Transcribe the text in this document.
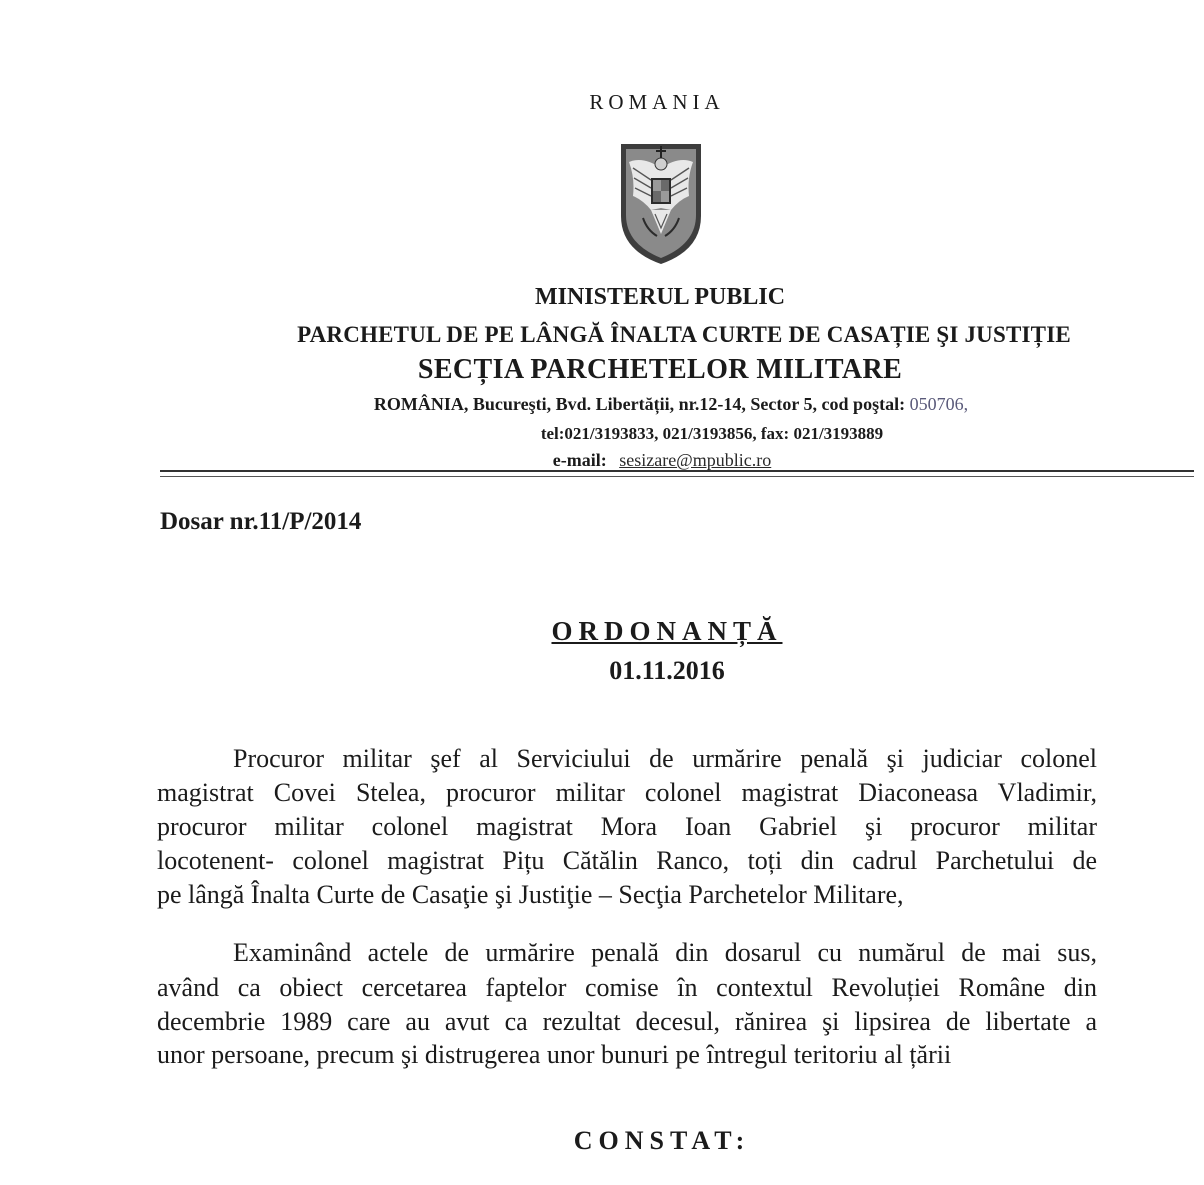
ROMANIA
MINISTERUL PUBLIC
PARCHETUL DE PE LÂNGĂ ÎNALTA CURTE DE CASAȚIE ŞI JUSTIȚIE
SECȚIA PARCHETELOR MILITARE
ROMÂNIA, Bucureşti, Bvd. Libertății, nr.12-14, Sector 5, cod poştal: 050706,
tel:021/3193833, 021/3193856, fax: 021/3193889
e-mail: sesizare@mpublic.ro
Dosar nr.11/P/2014
ORDONANȚĂ
01.11.2016
Procuror militar şef al Serviciului de urmărire penală şi judiciar colonel
magistrat Covei Stelea, procuror militar colonel magistrat Diaconeasa Vladimir,
procuror militar colonel magistrat Mora Ioan Gabriel şi procuror militar
locotenent- colonel magistrat Pițu Cătălin Ranco, toți din cadrul Parchetului de
pe lângă Înalta Curte de Casaţie şi Justiţie – Secţia Parchetelor Militare,
Examinând actele de urmărire penală din dosarul cu numărul de mai sus,
având ca obiect cercetarea faptelor comise în contextul Revoluției Române din
decembrie 1989 care au avut ca rezultat decesul, rănirea şi lipsirea de libertate a
unor persoane, precum şi distrugerea unor bunuri pe întregul teritoriu al țării
CONSTAT:
